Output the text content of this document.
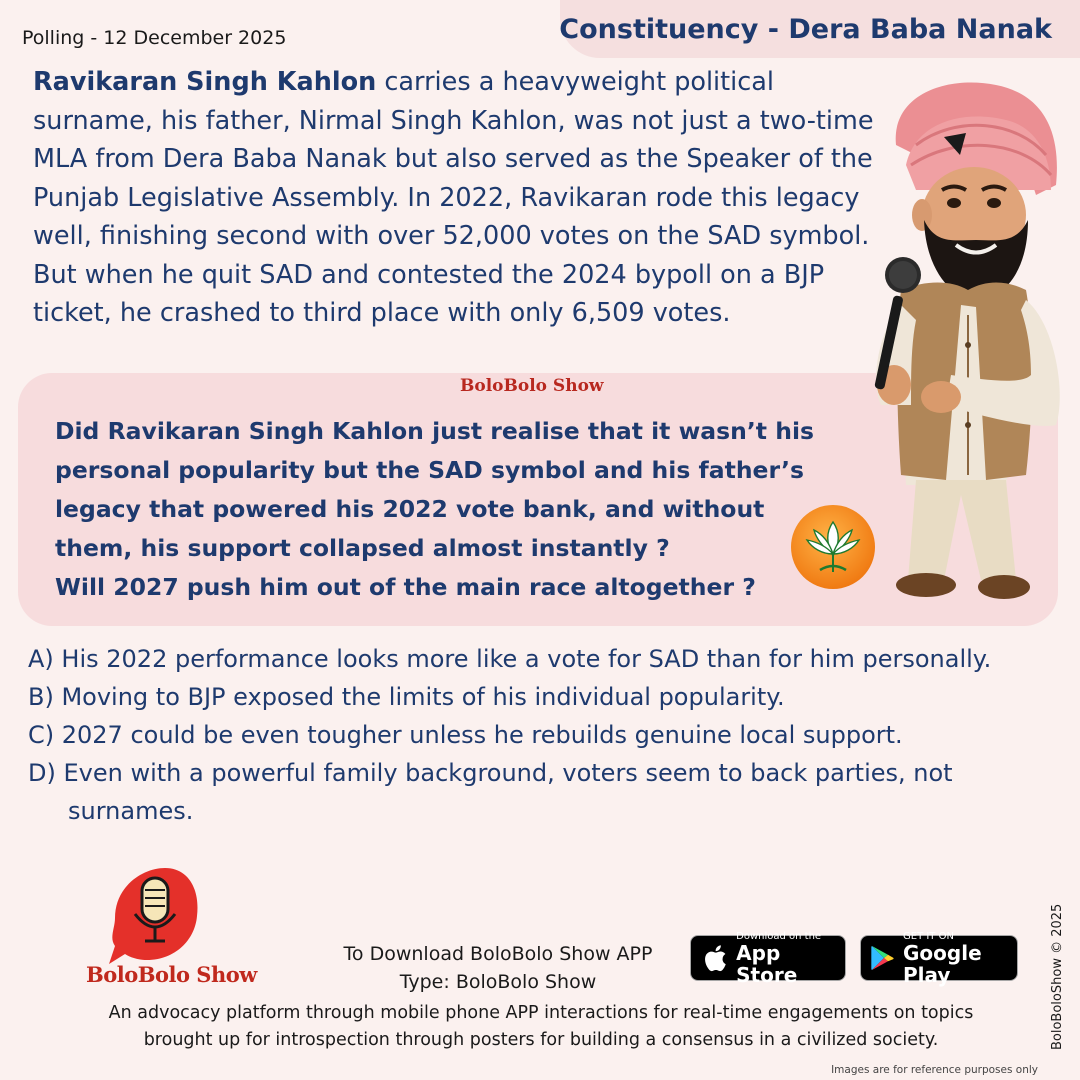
Polling - 12 December 2025	Constituency - Dera Baba Nanak
Ravikaran Singh Kahlon carries a heavyweight political surname, his father, Nirmal Singh Kahlon, was not just a two-time MLA from Dera Baba Nanak but also served as the Speaker of the Punjab Legislative Assembly. In 2022, Ravikaran rode this legacy well, finishing second with over 52,000 votes on the SAD symbol. But when he quit SAD and contested the 2024 bypoll on a BJP ticket, he crashed to third place with only 6,509 votes.
BoloBolo Show
Did Ravikaran Singh Kahlon just realise that it wasn’t his
personal popularity but the SAD symbol and his father’s
legacy that powered his 2022 vote bank, and without
them, his support collapsed almost instantly ?
Will 2027 push him out of the main race altogether ?
A) His 2022 performance looks more like a vote for SAD than for him personally.
B) Moving to BJP exposed the limits of his individual popularity.
C) 2027 could be even tougher unless he rebuilds genuine local support.
D) Even with a powerful family background, voters seem to back parties, not surnames.
BoloBolo Show
To Download BoloBolo Show APP
Type: BoloBolo Show
Download on the
App Store
GET IT ON
Google Play
An advocacy platform through mobile phone APP interactions for real-time engagements on topics
brought up for introspection through posters for building a consensus in a civilized society.	BoloBoloShow © 2025
Images are for reference purposes only
